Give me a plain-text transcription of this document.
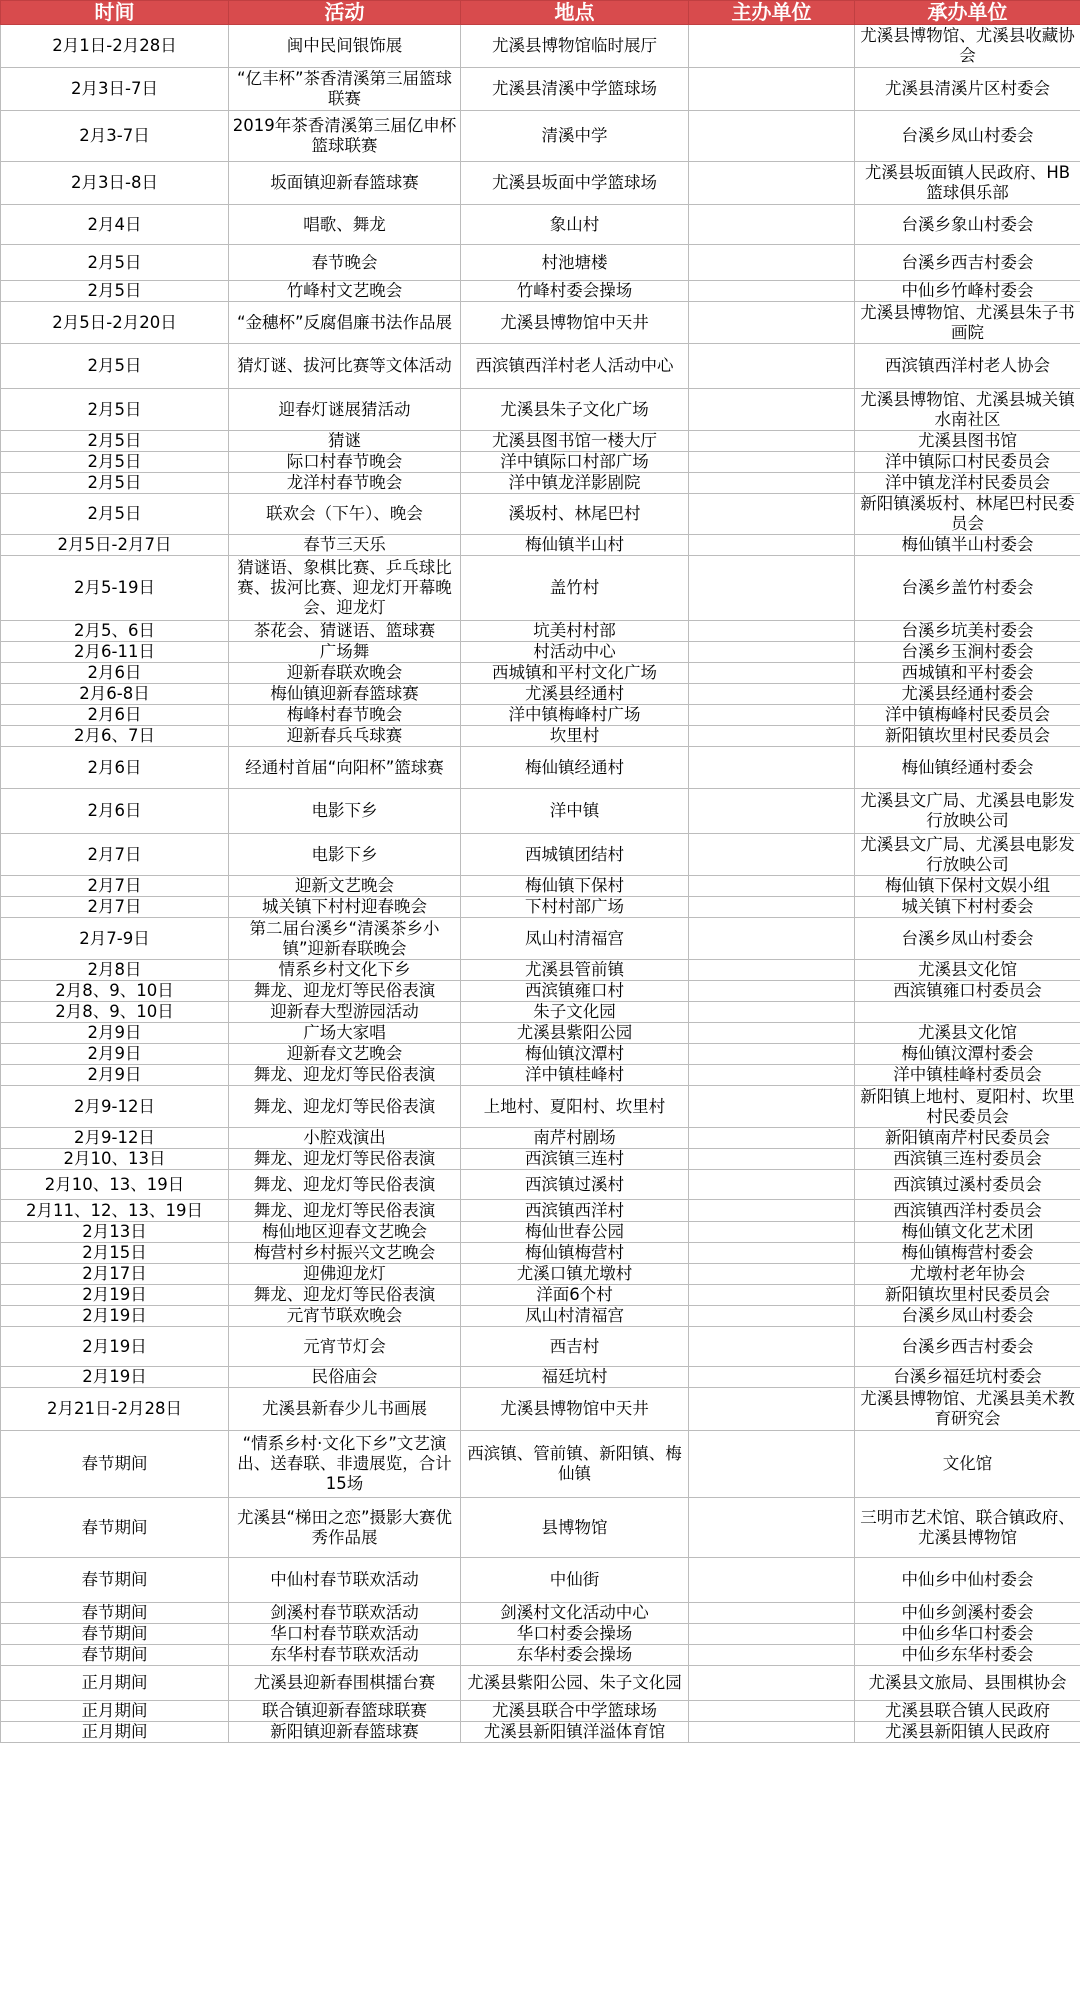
时间	活动	地点	主办单位	承办单位
2月1日-2月28日	闽中民间银饰展	尤溪县博物馆临时展厅		尤溪县博物馆、尤溪县收藏协会
2月3日-7日	“亿丰杯”茶香清溪第三届篮球联赛	尤溪县清溪中学篮球场		尤溪县清溪片区村委会
2月3-7日	2019年茶香清溪第三届亿申杯篮球联赛	清溪中学		台溪乡凤山村委会
2月3日-8日	坂面镇迎新春篮球赛	尤溪县坂面中学篮球场		尤溪县坂面镇人民政府、HB篮球俱乐部
2月4日	唱歌、舞龙	象山村		台溪乡象山村委会
2月5日	春节晚会	村池塘楼		台溪乡西吉村委会
2月5日	竹峰村文艺晚会	竹峰村委会操场		中仙乡竹峰村委会
2月5日-2月20日	“金穗杯”反腐倡廉书法作品展	尤溪县博物馆中天井		尤溪县博物馆、尤溪县朱子书画院
2月5日	猜灯谜、拔河比赛等文体活动	西滨镇西洋村老人活动中心		西滨镇西洋村老人协会
2月5日	迎春灯谜展猜活动	尤溪县朱子文化广场		尤溪县博物馆、尤溪县城关镇水南社区
2月5日	猜谜	尤溪县图书馆一楼大厅		尤溪县图书馆
2月5日	际口村春节晚会	洋中镇际口村部广场		洋中镇际口村民委员会
2月5日	龙洋村春节晚会	洋中镇龙洋影剧院		洋中镇龙洋村民委员会
2月5日	联欢会（下午）、晚会	溪坂村、林尾巴村		新阳镇溪坂村、林尾巴村民委员会
2月5日-2月7日	春节三天乐	梅仙镇半山村		梅仙镇半山村委会
2月5-19日	猜谜语、象棋比赛、乒乓球比赛、拔河比赛、迎龙灯开幕晚会、迎龙灯	盖竹村		台溪乡盖竹村委会
2月5、6日	茶花会、猜谜语、篮球赛	坑美村村部		台溪乡坑美村委会
2月6-11日	广场舞	村活动中心		台溪乡玉涧村委会
2月6日	迎新春联欢晚会	西城镇和平村文化广场		西城镇和平村委会
2月6-8日	梅仙镇迎新春篮球赛	尤溪县经通村		尤溪县经通村委会
2月6日	梅峰村春节晚会	洋中镇梅峰村广场		洋中镇梅峰村民委员会
2月6、7日	迎新春兵乓球赛	坎里村		新阳镇坎里村民委员会
2月6日	经通村首届“向阳杯”篮球赛	梅仙镇经通村		梅仙镇经通村委会
2月6日	电影下乡	洋中镇		尤溪县文广局、尤溪县电影发行放映公司
2月7日	电影下乡	西城镇团结村		尤溪县文广局、尤溪县电影发行放映公司
2月7日	迎新文艺晚会	梅仙镇下保村		梅仙镇下保村文娱小组
2月7日	城关镇下村村迎春晚会	下村村部广场		城关镇下村村委会
2月7-9日	第二届台溪乡“清溪茶乡小镇”迎新春联晚会	凤山村清福宫		台溪乡凤山村委会
2月8日	情系乡村文化下乡	尤溪县管前镇		尤溪县文化馆
2月8、9、10日	舞龙、迎龙灯等民俗表演	西滨镇雍口村		西滨镇雍口村委员会
2月8、9、10日	迎新春大型游园活动	朱子文化园		
2月9日	广场大家唱	尤溪县紫阳公园		尤溪县文化馆
2月9日	迎新春文艺晚会	梅仙镇汶潭村		梅仙镇汶潭村委会
2月9日	舞龙、迎龙灯等民俗表演	洋中镇桂峰村		洋中镇桂峰村委员会
2月9-12日	舞龙、迎龙灯等民俗表演	上地村、夏阳村、坎里村		新阳镇上地村、夏阳村、坎里村民委员会
2月9-12日	小腔戏演出	南芹村剧场		新阳镇南芹村民委员会
2月10、13日	舞龙、迎龙灯等民俗表演	西滨镇三连村		西滨镇三连村委员会
2月10、13、19日	舞龙、迎龙灯等民俗表演	西滨镇过溪村		西滨镇过溪村委员会
2月11、12、13、19日	舞龙、迎龙灯等民俗表演	西滨镇西洋村		西滨镇西洋村委员会
2月13日	梅仙地区迎春文艺晚会	梅仙世春公园		梅仙镇文化艺术团
2月15日	梅营村乡村振兴文艺晚会	梅仙镇梅营村		梅仙镇梅营村委会
2月17日	迎佛迎龙灯	尤溪口镇尤墩村		尤墩村老年协会
2月19日	舞龙、迎龙灯等民俗表演	洋面6个村		新阳镇坎里村民委员会
2月19日	元宵节联欢晚会	凤山村清福宫		台溪乡凤山村委会
2月19日	元宵节灯会	西吉村		台溪乡西吉村委会
2月19日	民俗庙会	福廷坑村		台溪乡福廷坑村委会
2月21日-2月28日	尤溪县新春少儿书画展	尤溪县博物馆中天井		尤溪县博物馆、尤溪县美术教育研究会
春节期间	“情系乡村·文化下乡”文艺演出、送春联、非遗展览，合计15场	西滨镇、管前镇、新阳镇、梅仙镇		文化馆
春节期间	尤溪县“梯田之恋”摄影大赛优秀作品展	县博物馆		三明市艺术馆、联合镇政府、尤溪县博物馆
春节期间	中仙村春节联欢活动	中仙街		中仙乡中仙村委会
春节期间	剑溪村春节联欢活动	剑溪村文化活动中心		中仙乡剑溪村委会
春节期间	华口村春节联欢活动	华口村委会操场		中仙乡华口村委会
春节期间	东华村春节联欢活动	东华村委会操场		中仙乡东华村委会
正月期间	尤溪县迎新春围棋擂台赛	尤溪县紫阳公园、朱子文化园		尤溪县文旅局、县围棋协会
正月期间	联合镇迎新春篮球联赛	尤溪县联合中学篮球场		尤溪县联合镇人民政府
正月期间	新阳镇迎新春篮球赛	尤溪县新阳镇洋溢体育馆		尤溪县新阳镇人民政府
